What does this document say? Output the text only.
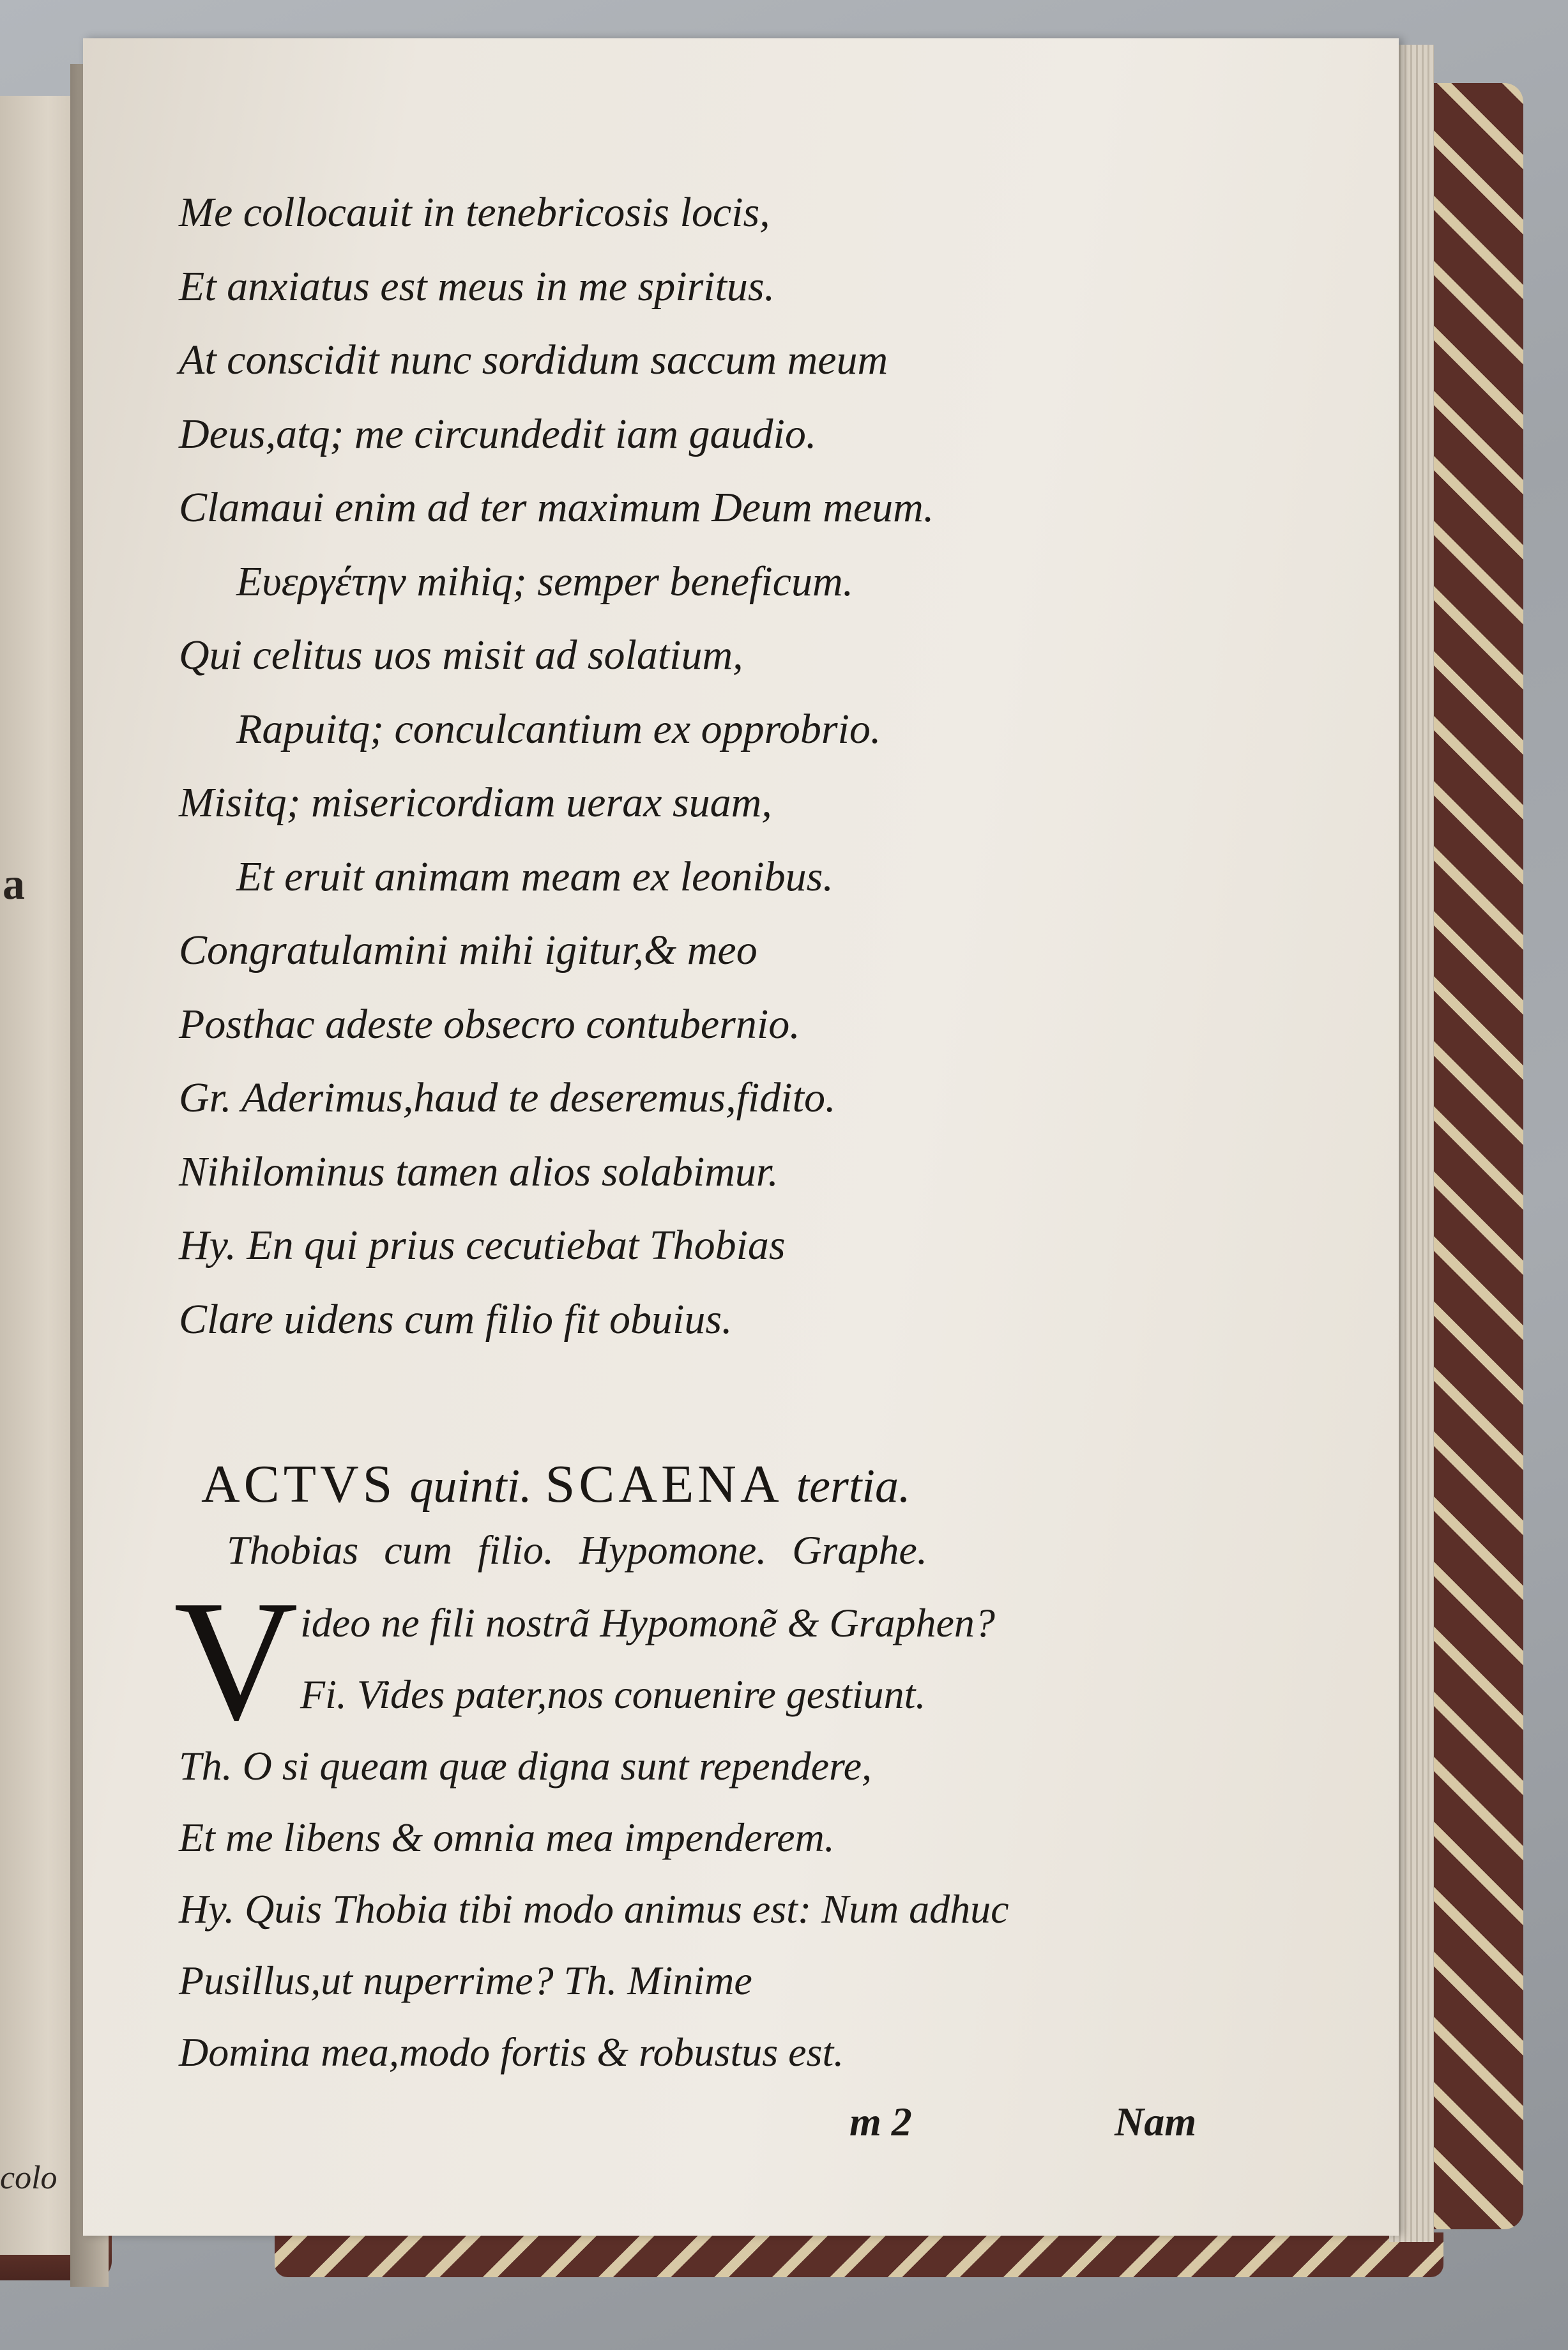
a
colo
Me collocauit in tenebricosis locis,
Et anxiatus est meus in me spiritus.
At conscidit nunc sordidum saccum meum
Deus,atq; me circundedit iam gaudio.
Clamaui enim ad ter maximum Deum meum.
Ευεργέτην mihiq; semper beneficum.
Qui celitus uos misit ad solatium,
Rapuitq; conculcantium ex opprobrio.
Misitq; misericordiam uerax suam,
Et eruit animam meam ex leonibus.
Congratulamini mihi igitur,& meo
Posthac adeste obsecro contubernio.
Gr. Aderimus,haud te deseremus,fidito.
Nihilominus tamen alios solabimur.
Hy. En qui prius cecutiebat Thobias
Clare uidens cum filio fit obuius.
ACTVS quinti. SCAENA tertia.
Thobias cum filio. Hypomone. Graphe.
V ideo ne fili nostrã Hypomonẽ & Graphen?
Fi. Vides pater,nos conuenire gestiunt.
Th. O si queam quæ digna sunt rependere,
Et me libens & omnia mea impenderem.
Hy. Quis Thobia tibi modo animus est: Num adhuc
Pusillus,ut nuperrime? Th. Minime
Domina mea,modo fortis & robustus est.
m 2	Nam
